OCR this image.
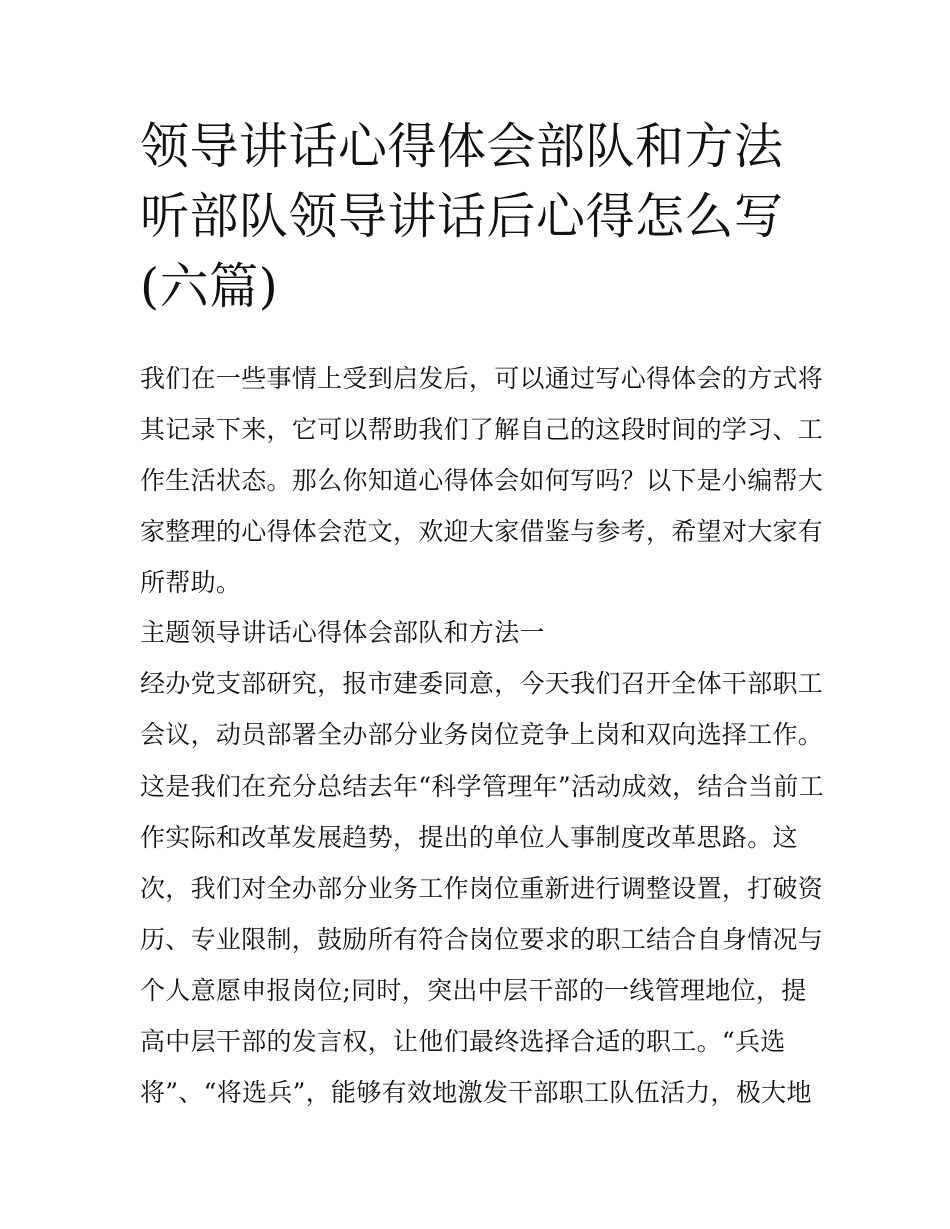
领导讲话心得体会部队和方法
听部队领导讲话后心得怎么写
(六篇)
我们在一些事情上受到启发后，可以通过写心得体会的方式将
其记录下来，它可以帮助我们了解自己的这段时间的学习、工
作生活状态。那么你知道心得体会如何写吗？以下是小编帮大
家整理的心得体会范文，欢迎大家借鉴与参考，希望对大家有
所帮助。
主题领导讲话心得体会部队和方法一
经办党支部研究，报市建委同意，今天我们召开全体干部职工
会议，动员部署全办部分业务岗位竞争上岗和双向选择工作。
这是我们在充分总结去年“科学管理年”活动成效，结合当前工
作实际和改革发展趋势，提出的单位人事制度改革思路。这
次，我们对全办部分业务工作岗位重新进行调整设置，打破资
历、专业限制，鼓励所有符合岗位要求的职工结合自身情况与
个人意愿申报岗位;同时，突出中层干部的一线管理地位，提
高中层干部的发言权，让他们最终选择合适的职工。“兵选
将”、“将选兵”，能够有效地激发干部职工队伍活力，极大地
